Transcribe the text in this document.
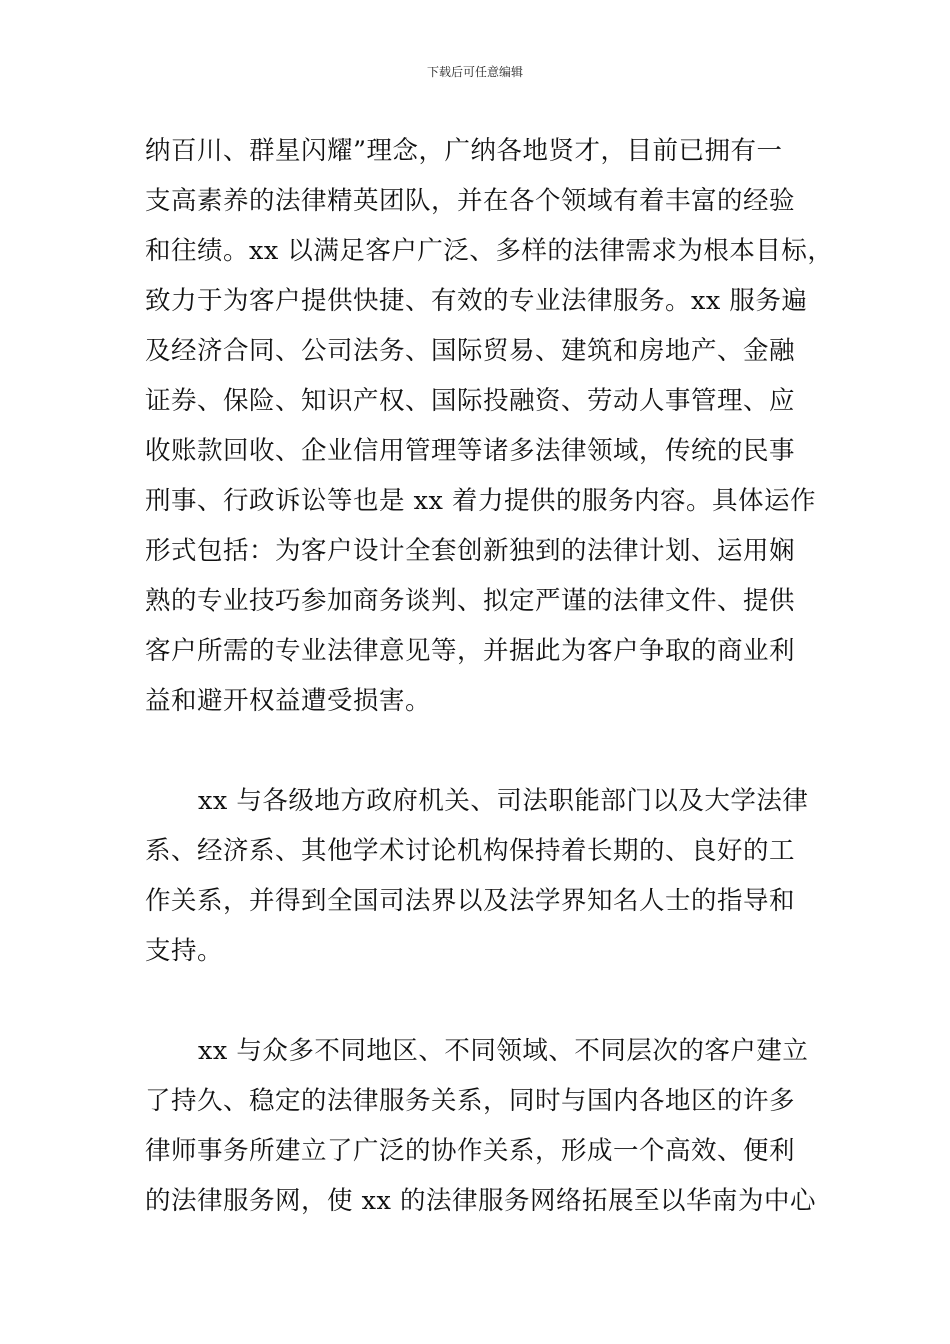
下载后可任意编辑
纳百川、群星闪耀”理念，广纳各地贤才，目前已拥有一
支高素养的法律精英团队，并在各个领域有着丰富的经验
和往绩。xx 以满足客户广泛、多样的法律需求为根本目标，
致力于为客户提供快捷、有效的专业法律服务。xx 服务遍
及经济合同、公司法务、国际贸易、建筑和房地产、金融
证券、保险、知识产权、国际投融资、劳动人事管理、应
收账款回收、企业信用管理等诸多法律领域，传统的民事
刑事、行政诉讼等也是 xx 着力提供的服务内容。具体运作
形式包括：为客户设计全套创新独到的法律计划、运用娴
熟的专业技巧参加商务谈判、拟定严谨的法律文件、提供
客户所需的专业法律意见等，并据此为客户争取的商业利
益和避开权益遭受损害。
xx 与各级地方政府机关、司法职能部门以及大学法律
系、经济系、其他学术讨论机构保持着长期的、良好的工
作关系，并得到全国司法界以及法学界知名人士的指导和
支持。
xx 与众多不同地区、不同领域、不同层次的客户建立
了持久、稳定的法律服务关系，同时与国内各地区的许多
律师事务所建立了广泛的协作关系，形成一个高效、便利
的法律服务网，使 xx 的法律服务网络拓展至以华南为中心
